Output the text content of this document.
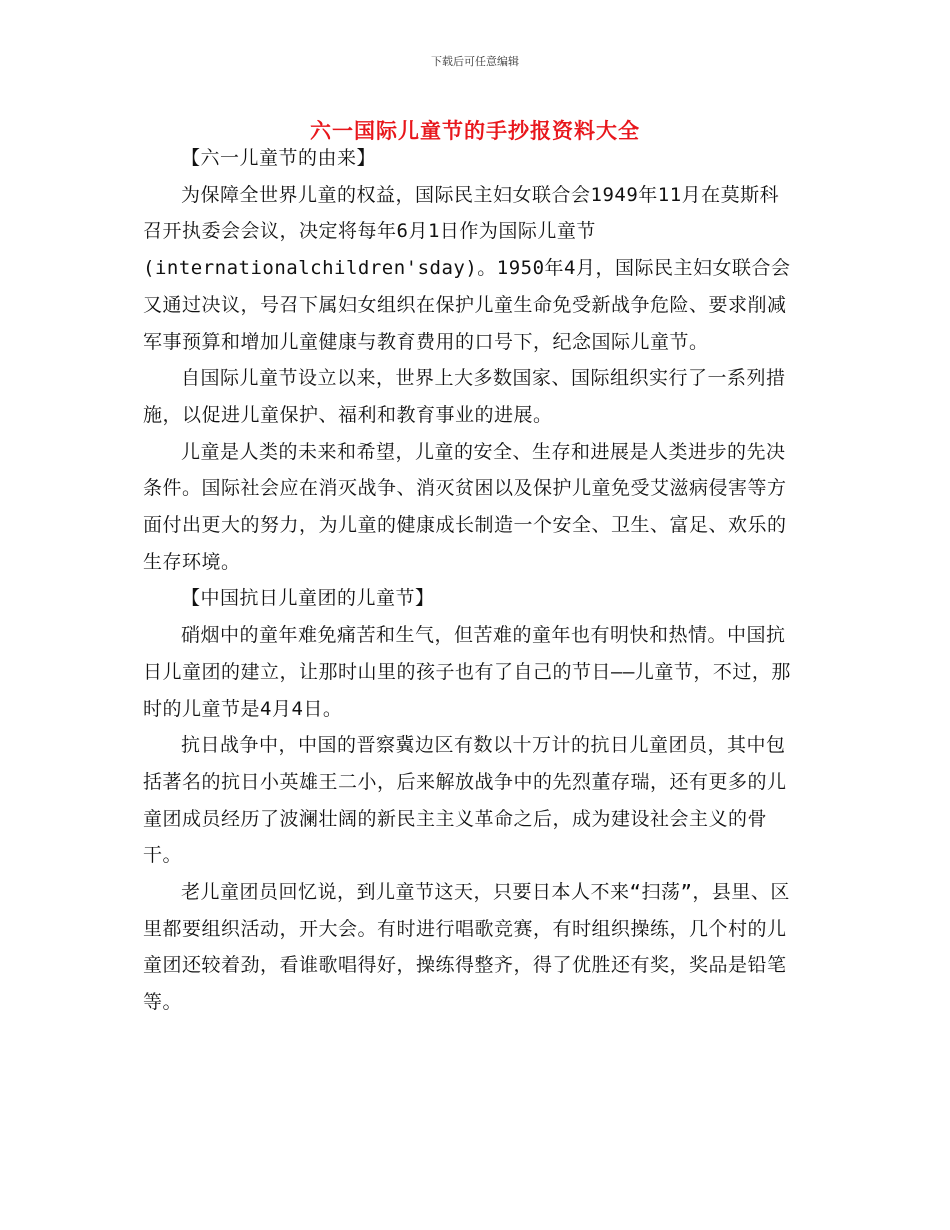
下载后可任意编辑
六一国际儿童节的手抄报资料大全

【六一儿童节的由来】

为保障全世界儿童的权益，国际民主妇女联合会1949年11月在莫斯科召开执委会会议，决定将每年6月1日作为国际儿童节(internationalchildren'sday)。1950年4月，国际民主妇女联合会又通过决议，号召下属妇女组织在保护儿童生命免受新战争危险、要求削减军事预算和增加儿童健康与教育费用的口号下，纪念国际儿童节。

自国际儿童节设立以来，世界上大多数国家、国际组织实行了一系列措施，以促进儿童保护、福利和教育事业的进展。

儿童是人类的未来和希望，儿童的安全、生存和进展是人类进步的先决条件。国际社会应在消灭战争、消灭贫困以及保护儿童免受艾滋病侵害等方面付出更大的努力，为儿童的健康成长制造一个安全、卫生、富足、欢乐的生存环境。

【中国抗日儿童团的儿童节】

硝烟中的童年难免痛苦和生气，但苦难的童年也有明快和热情。中国抗日儿童团的建立，让那时山里的孩子也有了自己的节日——儿童节，不过，那时的儿童节是4月4日。

抗日战争中，中国的晋察冀边区有数以十万计的抗日儿童团员，其中包括著名的抗日小英雄王二小，后来解放战争中的先烈董存瑞，还有更多的儿童团成员经历了波澜壮阔的新民主主义革命之后，成为建设社会主义的骨干。

老儿童团员回忆说，到儿童节这天，只要日本人不来“扫荡”，县里、区里都要组织活动，开大会。有时进行唱歌竞赛，有时组织操练，几个村的儿童团还较着劲，看谁歌唱得好，操练得整齐，得了优胜还有奖，奖品是铅笔等。
